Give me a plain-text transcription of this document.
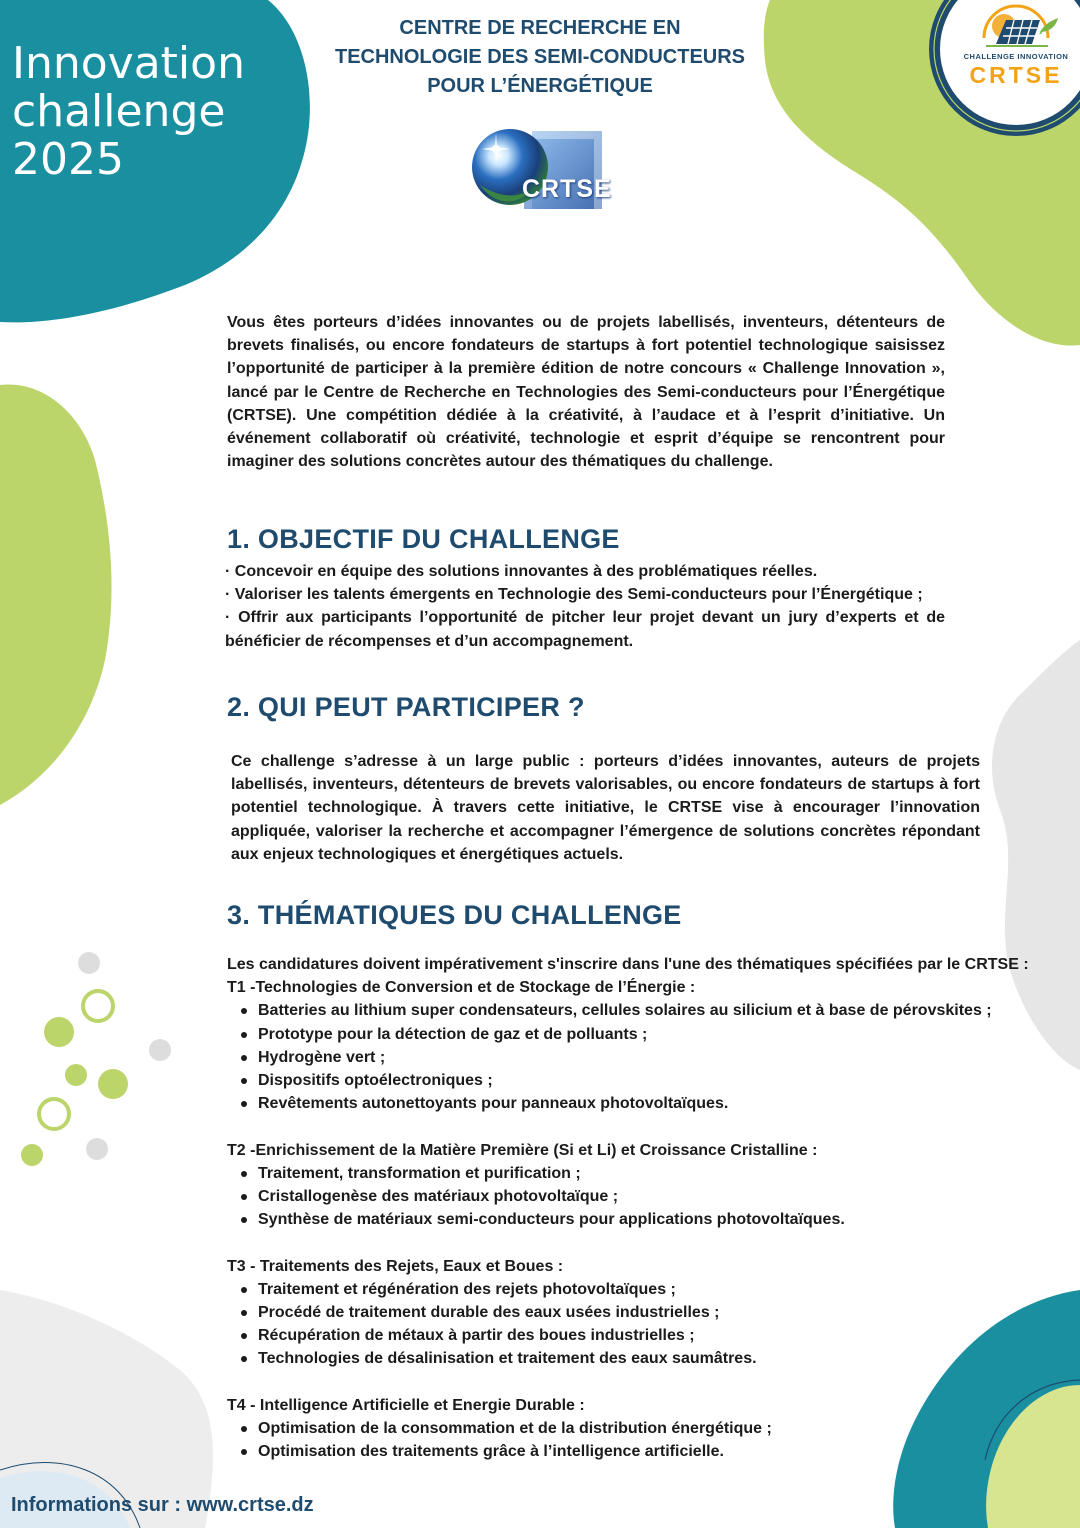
Innovation
challenge
2025
CENTRE DE RECHERCHE EN TECHNOLOGIE DES SEMI-CONDUCTEURS POUR L’ÉNERGÉTIQUE
CRTSE
CHALLENGE INNOVATION
CRTSE

Vous êtes porteurs d’idées innovantes ou de projets labellisés, inventeurs, détenteurs de brevets finalisés, ou encore fondateurs de startups à fort potentiel technologique saisissez l’opportunité de participer à la première édition de notre concours « Challenge Innovation », lancé par le Centre de Recherche en Technologies des Semi-conducteurs pour l’Énergétique (CRTSE). Une compétition dédiée à la créativité, à l’audace et à l’esprit d’initiative. Un événement collaboratif où créativité, technologie et esprit d’équipe se rencontrent pour imaginer des solutions concrètes autour des thématiques du challenge.

1. OBJECTIF DU CHALLENGE
· Concevoir en équipe des solutions innovantes à des problématiques réelles.
· Valoriser les talents émergents en Technologie des Semi-conducteurs pour l’Énergétique ;
· Offrir aux participants l’opportunité de pitcher leur projet devant un jury d’experts et de bénéficier de récompenses et d’un accompagnement.
2. QUI PEUT PARTICIPER ?

Ce challenge s’adresse à un large public : porteurs d’idées innovantes, auteurs de projets labellisés, inventeurs, détenteurs de brevets valorisables, ou encore fondateurs de startups à fort potentiel technologique. À travers cette initiative, le CRTSE vise à encourager l’innovation appliquée, valoriser la recherche et accompagner l’émergence de solutions concrètes répondant aux enjeux technologiques et énergétiques actuels.

3. THÉMATIQUES DU CHALLENGE
Les candidatures doivent impérativement s'inscrire dans l'une des thématiques spécifiées par le CRTSE :
T1 -Technologies de Conversion et de Stockage de l’Énergie :
Batteries au lithium super condensateurs, cellules solaires au silicium et à base de pérovskites ;
Prototype pour la détection de gaz et de polluants ;
Hydrogène vert ;
Dispositifs optoélectroniques ;
Revêtements autonettoyants pour panneaux photovoltaïques.
T2 -Enrichissement de la Matière Première (Si et Li) et Croissance Cristalline :
Traitement, transformation et purification ;
Cristallogenèse des matériaux photovoltaïque ;
Synthèse de matériaux semi-conducteurs pour applications photovoltaïques.
T3 - Traitements des Rejets, Eaux et Boues :
Traitement et régénération des rejets photovoltaïques ;
Procédé de traitement durable des eaux usées industrielles ;
Récupération de métaux à partir des boues industrielles ;
Technologies de désalinisation et traitement des eaux saumâtres.
T4 - Intelligence Artificielle et Energie Durable :
Optimisation de la consommation et de la distribution énergétique ;
Optimisation des traitements grâce à l’intelligence artificielle.
Informations sur : www.crtse.dz
